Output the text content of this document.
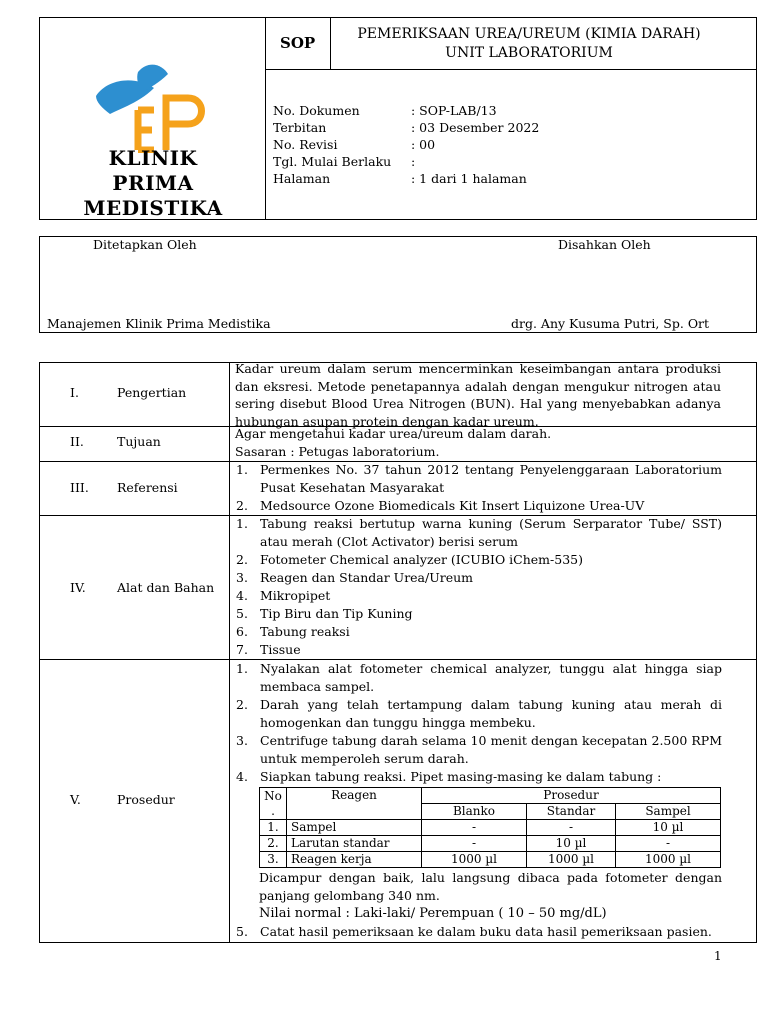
KLINIK
PRIMA
MEDISTIKA
SOP	PEMERIKSAAN UREA/UREUM (KIMIA DARAH)
UNIT LABORATORIUM
No. Dokumen	: SOP-LAB/13
Terbitan	: 03 Desember 2022
No. Revisi	: 00
Tgl. Mulai Berlaku :
Halaman	: 1 dari 1 halaman
Ditetapkan Oleh	Disahkan Oleh
Manajemen Klinik Prima Medistika	drg. Any Kusuma Putri, Sp. Ort
I.	Pengertian
Kadar ureum dalam serum mencerminkan keseimbangan antara produksi dan eksresi. Metode penetapannya adalah dengan mengukur nitrogen atau sering disebut Blood Urea Nitrogen (BUN). Hal yang menyebabkan adanya hubungan asupan protein dengan kadar ureum.
II.	Tujuan
Agar mengetahui kadar urea/ureum dalam darah.
Sasaran : Petugas laboratorium.
III. Referensi
1. Permenkes No. 37 tahun 2012 tentang Penyelenggaraan Laboratorium Pusat Kesehatan Masyarakat
2. Medsource Ozone Biomedicals Kit Insert Liquizone Urea-UV
IV. Alat dan Bahan
1. Tabung reaksi bertutup warna kuning (Serum Serparator Tube/ SST) atau merah (Clot Activator) berisi serum
2. Fotometer Chemical analyzer (ICUBIO iChem-535)
3. Reagen dan Standar Urea/Ureum
4. Mikropipet
5. Tip Biru dan Tip Kuning
6. Tabung reaksi
7. Tissue
V.	Prosedur
1. Nyalakan alat fotometer chemical analyzer, tunggu alat hingga siap membaca sampel.
2. Darah yang telah tertampung dalam tabung kuning atau merah di homogenkan dan tunggu hingga membeku.
3. Centrifuge tabung darah selama 10 menit dengan kecepatan 2.500 RPM untuk memperoleh serum darah.
4. Siapkan tabung reaksi. Pipet masing-masing ke dalam tabung :
No
.	Reagen	Prosedur		
		Blanko	Standar	Sampel
1.	Sampel	-	-	10 µl
2.	Larutan standar	-	10 µl	-
3.	Reagen kerja	1000 µl	1000 µl	1000 µl
Dicampur dengan baik, lalu langsung dibaca pada fotometer dengan panjang gelombang 340 nm.
Nilai normal : Laki-laki/ Perempuan ( 10 – 50 mg/dL)
5. Catat hasil pemeriksaan ke dalam buku data hasil pemeriksaan pasien.
1
